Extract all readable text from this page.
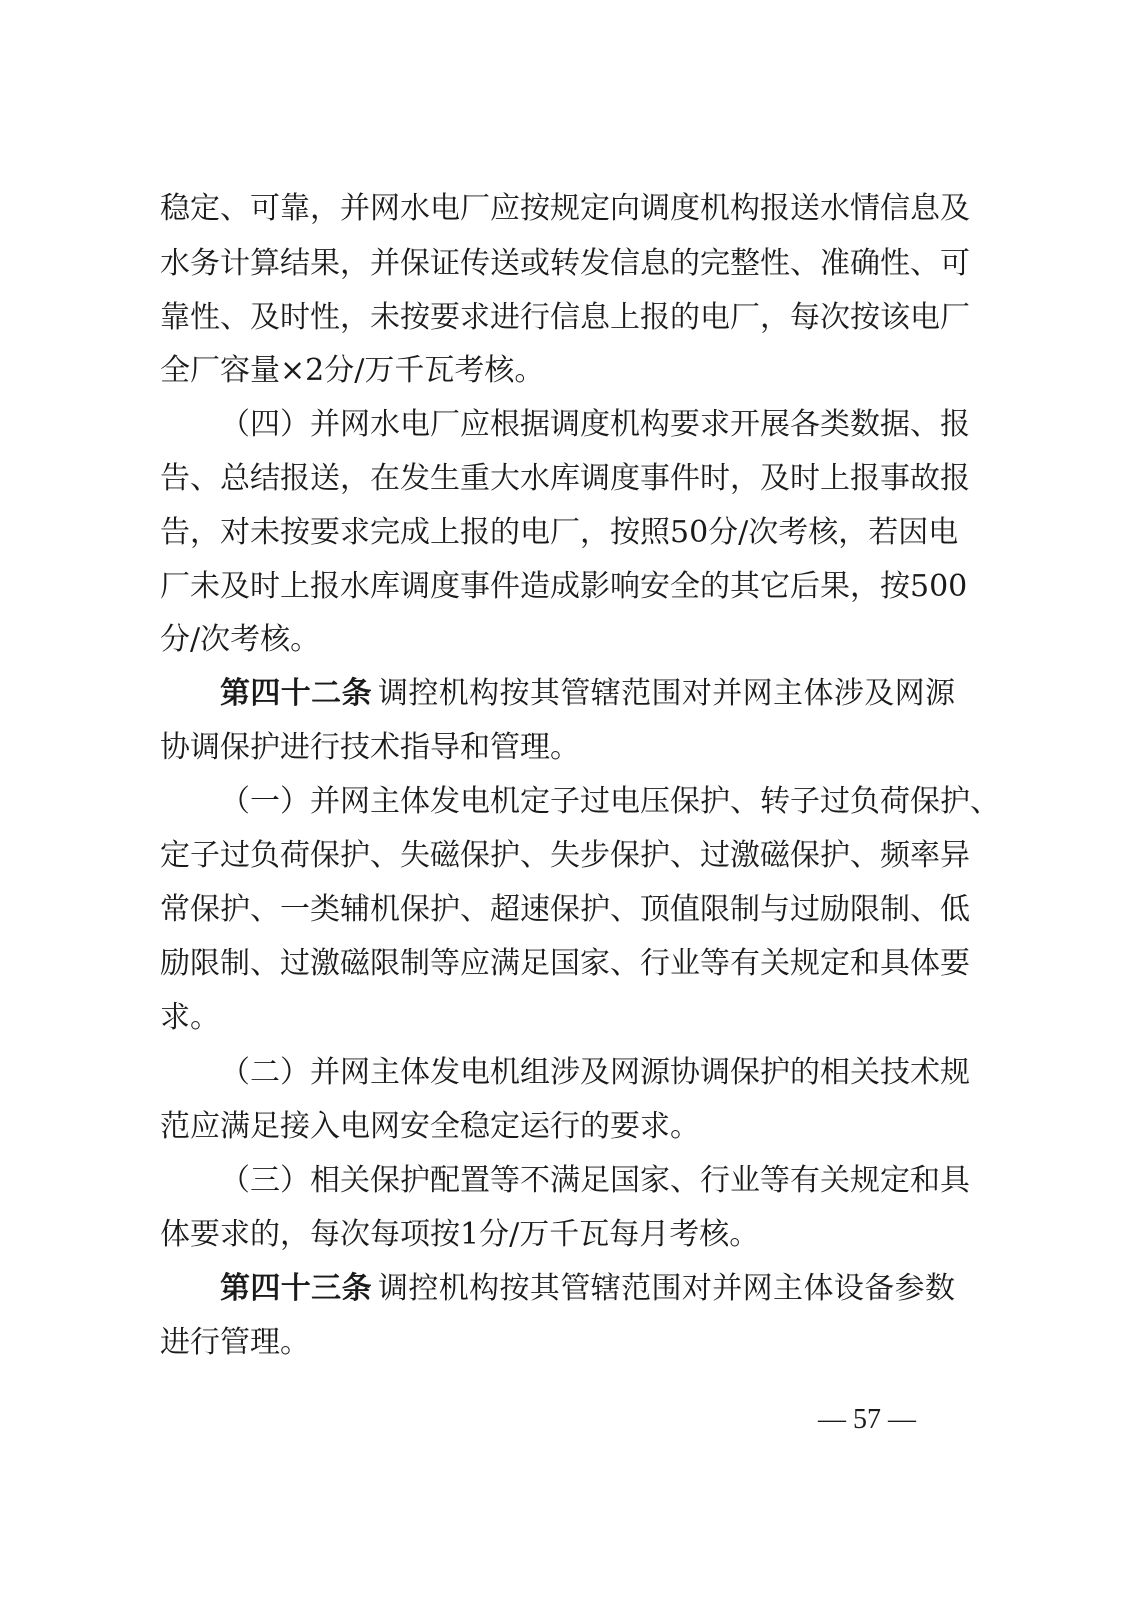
稳定、可靠，并网水电厂应按规定向调度机构报送水情信息及
水务计算结果，并保证传送或转发信息的完整性、准确性、可
靠性、及时性，未按要求进行信息上报的电厂，每次按该电厂
全厂容量×2分/万千瓦考核。
（四）并网水电厂应根据调度机构要求开展各类数据、报
告、总结报送，在发生重大水库调度事件时，及时上报事故报
告，对未按要求完成上报的电厂，按照50分/次考核，若因电
厂未及时上报水库调度事件造成影响安全的其它后果，按500
分/次考核。
第四十二条 调控机构按其管辖范围对并网主体涉及网源
协调保护进行技术指导和管理。
（一）并网主体发电机定子过电压保护、转子过负荷保护、
定子过负荷保护、失磁保护、失步保护、过激磁保护、频率异
常保护、一类辅机保护、超速保护、顶值限制与过励限制、低
励限制、过激磁限制等应满足国家、行业等有关规定和具体要
求。
（二）并网主体发电机组涉及网源协调保护的相关技术规
范应满足接入电网安全稳定运行的要求。
（三）相关保护配置等不满足国家、行业等有关规定和具
体要求的，每次每项按1分/万千瓦每月考核。
第四十三条 调控机构按其管辖范围对并网主体设备参数
进行管理。
— 57 —
